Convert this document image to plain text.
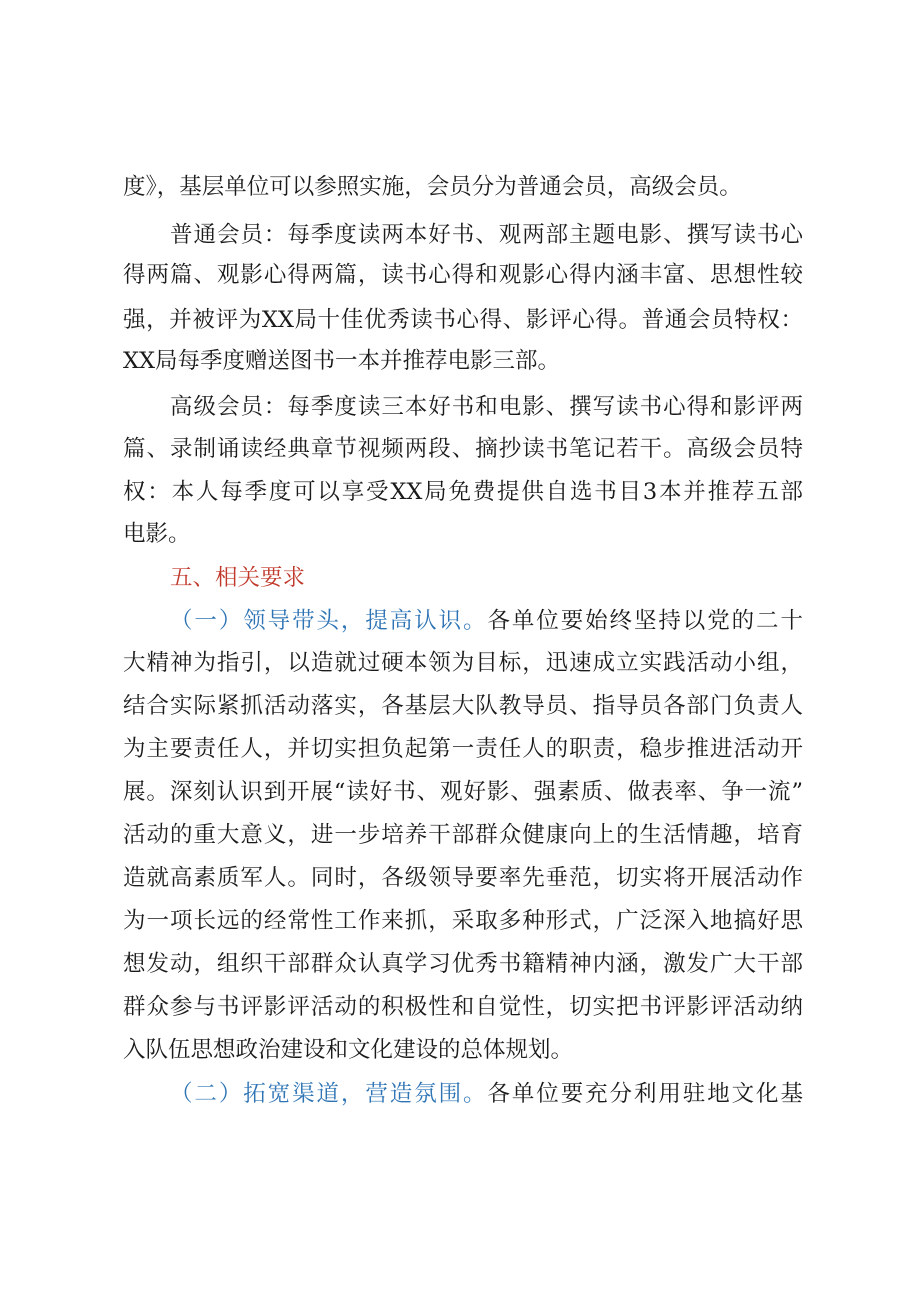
度》，基层单位可以参照实施，会员分为普通会员，高级会员。
普通会员：每季度读两本好书、观两部主题电影、撰写读书心
得两篇、观影心得两篇，读书心得和观影心得内涵丰富、思想性较
强，并被评为XX局十佳优秀读书心得、影评心得。普通会员特权：
XX局每季度赠送图书一本并推荐电影三部。
高级会员：每季度读三本好书和电影、撰写读书心得和影评两
篇、录制诵读经典章节视频两段、摘抄读书笔记若干。高级会员特
权：本人每季度可以享受XX局免费提供自选书目3本并推荐五部
电影。
五、相关要求
（一）领导带头，提高认识。各单位要始终坚持以党的二十
大精神为指引，以造就过硬本领为目标，迅速成立实践活动小组，
结合实际紧抓活动落实，各基层大队教导员、指导员各部门负责人
为主要责任人，并切实担负起第一责任人的职责，稳步推进活动开
展。深刻认识到开展“读好书、观好影、强素质、做表率、争一流”
活动的重大意义，进一步培养干部群众健康向上的生活情趣，培育
造就高素质军人。同时，各级领导要率先垂范，切实将开展活动作
为一项长远的经常性工作来抓，采取多种形式，广泛深入地搞好思
想发动，组织干部群众认真学习优秀书籍精神内涵，激发广大干部
群众参与书评影评活动的积极性和自觉性，切实把书评影评活动纳
入队伍思想政治建设和文化建设的总体规划。
（二）拓宽渠道，营造氛围。各单位要充分利用驻地文化基
